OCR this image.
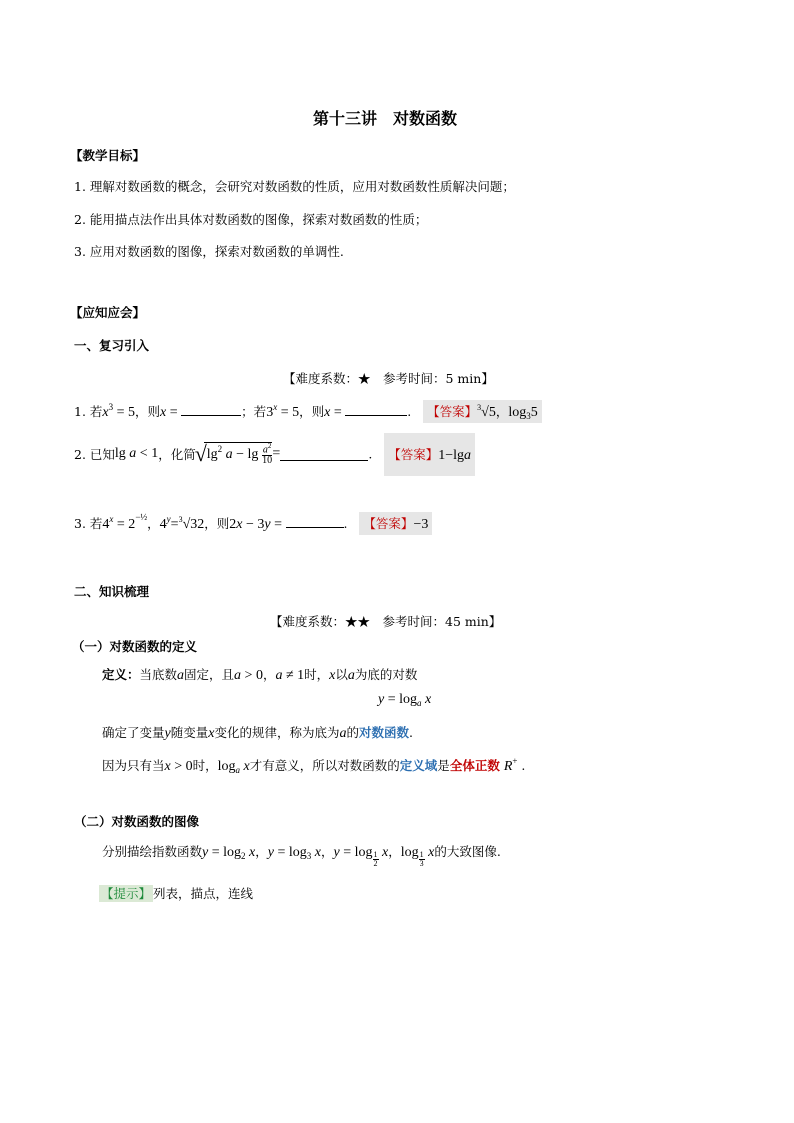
第十三讲　对数函数
【教学目标】
1. 理解对数函数的概念，会研究对数函数的性质，应用对数函数性质解决问题；
2. 能用描点法作出具体对数函数的图像，探索对数函数的性质；
3. 应用对数函数的图像，探索对数函数的单调性.
【应知应会】
一、复习引入
【难度系数：★　参考时间：5 min】
1. 若$x^3 = 5$，则x =	；若$3^x = 5$，则x =	. 【答案】$^3$√5，$\log_35$
2. 已知lg a < 1，化简 √ $\lg^2 a - \lg \frac{a^2}{10}$ =	. 【答案】1−lga
3. 若$4^x = 2^{-\frac{1}{2}}$，$4^y=^3√32$，则2x − 3y =	. 【答案】−3
二、知识梳理
【难度系数：★★　参考时间：45 min】
（一）对数函数的定义
定义：当底数a固定，且a > 0，a ≠ 1时，x以a为底的对数
$y = \log_a x$
确定了变量y随变量x变化的规律，称为底为a的对数函数.
因为只有当x > 0时，$\log_a x$才有意义，所以对数函数的定义域是全体正数 R+ .
（二）对数函数的图像
分别描绘指数函数$y = \log_2 x$，$y = \log_3 x$，y = log $_{\frac{1}{2}}$ x，log $_{\frac{1}{3}}$ x的大致图像.
【提示】 列表，描点，连线
